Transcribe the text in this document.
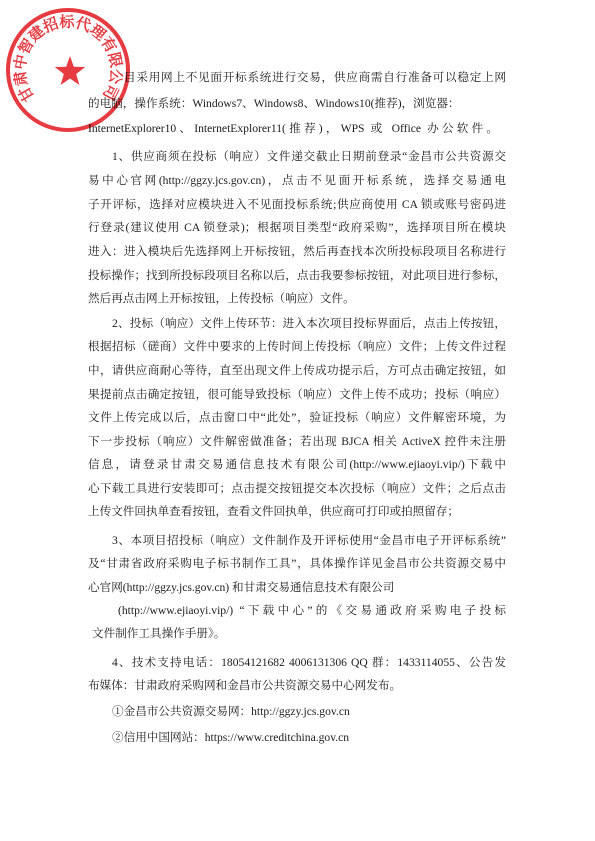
目采用网上不见面开标系统进行交易，供应商需自行准备可以稳定上网
的电脑，操作系统：Windows7、Windows8、Windows10(推荐)，浏览器：
InternetExplorer10、InternetExplorer11(推荐)，WPS 或 Office 办公软件。
1、供应商须在投标（响应）文件递交截止日期前登录“金昌市公共资源交
易中心官网(http://ggzy.jcs.gov.cn)，点击不见面开标系统，选择交易通电
子开评标，选择对应模块进入不见面投标系统;供应商使用 CA 锁或账号密码进
行登录(建议使用 CA 锁登录)；根据项目类型“政府采购”，选择项目所在模块
进入：进入模块后先选择网上开标按钮，然后再查找本次所投标段项目名称进行
投标操作；找到所投标段项目名称以后，点击我要参标按钮，对此项目进行参标，
然后再点击网上开标按钮，上传投标（响应）文件。
2、投标（响应）文件上传环节：进入本次项目投标界面后，点击上传按钮，
根据招标（磋商）文件中要求的上传时间上传投标（响应）文件；上传文件过程
中，请供应商耐心等待，直至出现文件上传成功提示后，方可点击确定按钮，如
果提前点击确定按钮，很可能导致投标（响应）文件上传不成功；投标（响应）
文件上传完成以后，点击窗口中“此处”，验证投标（响应）文件解密环境，为
下一步投标（响应）文件解密做准备；若出现 BJCA 相关 ActiveX 控件未注册
信息，请登录甘肃交易通信息技术有限公司(http://www.ejiaoyi.vip/)下载中
心下载工具进行安装即可；点击提交按钮提交本次投标（响应）文件；之后点击
上传文件回执单查看按钮，查看文件回执单，供应商可打印或拍照留存；
3、本项目招投标（响应）文件制作及开评标使用“金昌市电子开评标系统”
及“甘肃省政府采购电子标书制作工具”，具体操作详见金昌市公共资源交易中
心官网(http://ggzy.jcs.gov.cn) 和甘肃交易通信息技术有限公司
(http://www.ejiaoyi.vip/) “下载中心”的《交易通政府采购电子投标
文件制作工具操作手册》。
4、技术支持电话：18054121682 4006131306 QQ 群：1433114055、公告发
布媒体：甘肃政府采购网和金昌市公共资源交易中心网发布。
①金昌市公共资源交易网：http://ggzy.jcs.gov.cn
②信用中国网站：https://www.creditchina.gov.cn
甘肃中智建招标代理有限公司
